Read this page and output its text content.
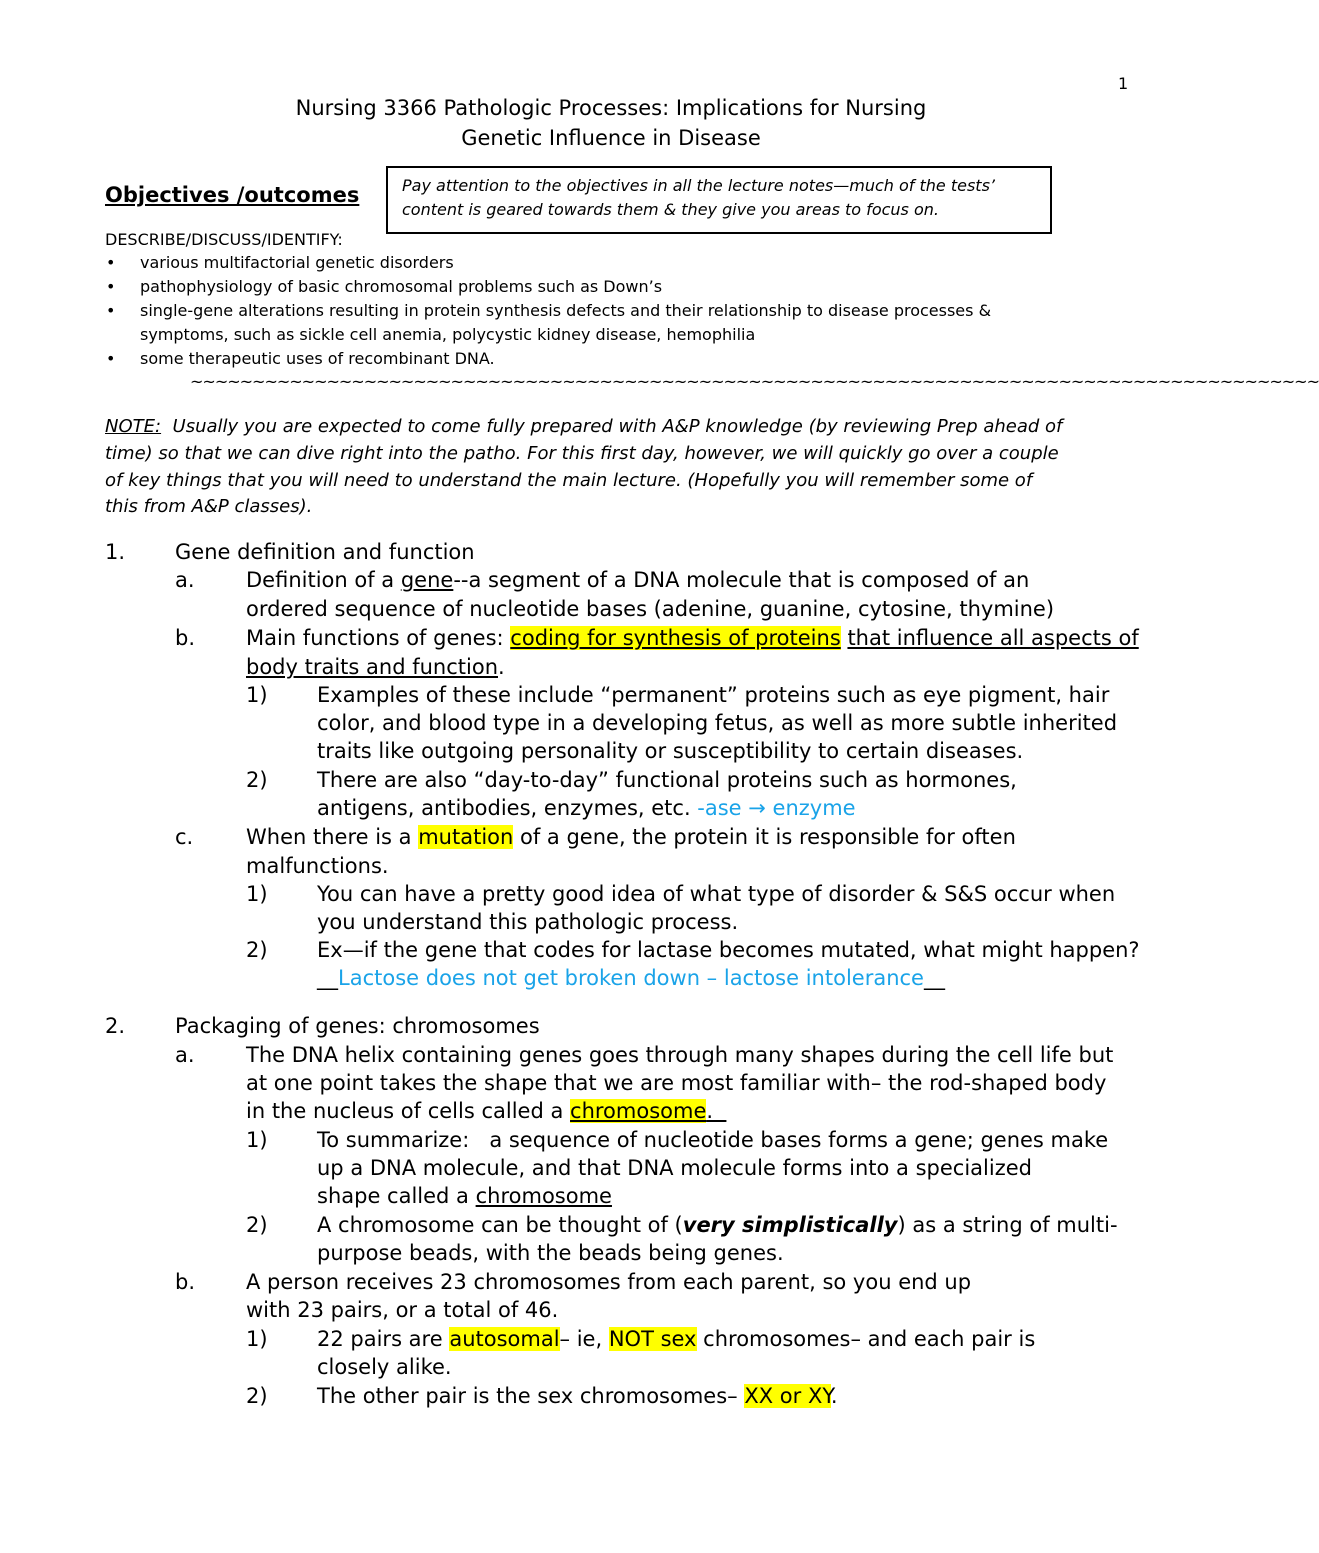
1
Nursing 3366 Pathologic Processes: Implications for Nursing
Genetic Influence in Disease
Objectives /outcomes	Pay attention to the objectives in all the lecture notes—much of the tests’ content is geared towards them & they give you areas to focus on.
DESCRIBE/DISCUSS/IDENTIFY:
• various multifactorial genetic disorders
• pathophysiology of basic chromosomal problems such as Down’s
• single-gene alterations resulting in protein synthesis defects and their relationship to disease processes &
symptoms, such as sickle cell anemia, polycystic kidney disease, hemophilia
• some therapeutic uses of recombinant DNA.
~~~~~~~~~~~~~~~~~~~~~~~~~~~~~~~~~~~~~~~~~~~~~~~~~~~~~~~~~~~~~~~~~~~~~~~~~~~~~~~~~~~~~~~~~~~
NOTE: Usually you are expected to come fully prepared with A&P knowledge (by reviewing Prep ahead of
time) so that we can dive right into the patho. For this first day, however, we will quickly go over a couple
of key things that you will need to understand the main lecture. (Hopefully you will remember some of
this from A&P classes).
1. Gene definition and function
a. Definition of a gene--a segment of a DNA molecule that is composed of an
ordered sequence of nucleotide bases (adenine, guanine, cytosine, thymine)
b. Main functions of genes: coding for synthesis of proteins that influence all aspects of
body traits and function.
1) Examples of these include “permanent” proteins such as eye pigment, hair
color, and blood type in a developing fetus, as well as more subtle inherited
traits like outgoing personality or susceptibility to certain diseases.
2) There are also “day-to-day” functional proteins such as hormones,
antigens, antibodies, enzymes, etc. -ase → enzyme
c.	When there is a mutation of a gene, the protein it is responsible for often
malfunctions.
1) You can have a pretty good idea of what type of disorder & S&S occur when
you understand this pathologic process.
2) Ex—if the gene that codes for lactase becomes mutated, what might happen?
__Lactose does not get broken down – lactose intolerance__
2. Packaging of genes: chromosomes
a. The DNA helix containing genes goes through many shapes during the cell life but
at one point takes the shape that we are most familiar with– the rod-shaped body
in the nucleus of cells called a chromosome.
1) To summarize:   a sequence of nucleotide bases forms a gene; genes make
up a DNA molecule, and that DNA molecule forms into a specialized
shape called a chromosome
2) A chromosome can be thought of (very simplistically) as a string of multi-
purpose beads, with the beads being genes.
b. A person receives 23 chromosomes from each parent, so you end up
with 23 pairs, or a total of 46.
1) 22 pairs are autosomal– ie, NOT sex chromosomes– and each pair is
closely alike.
2) The other pair is the sex chromosomes– XX or XY.
